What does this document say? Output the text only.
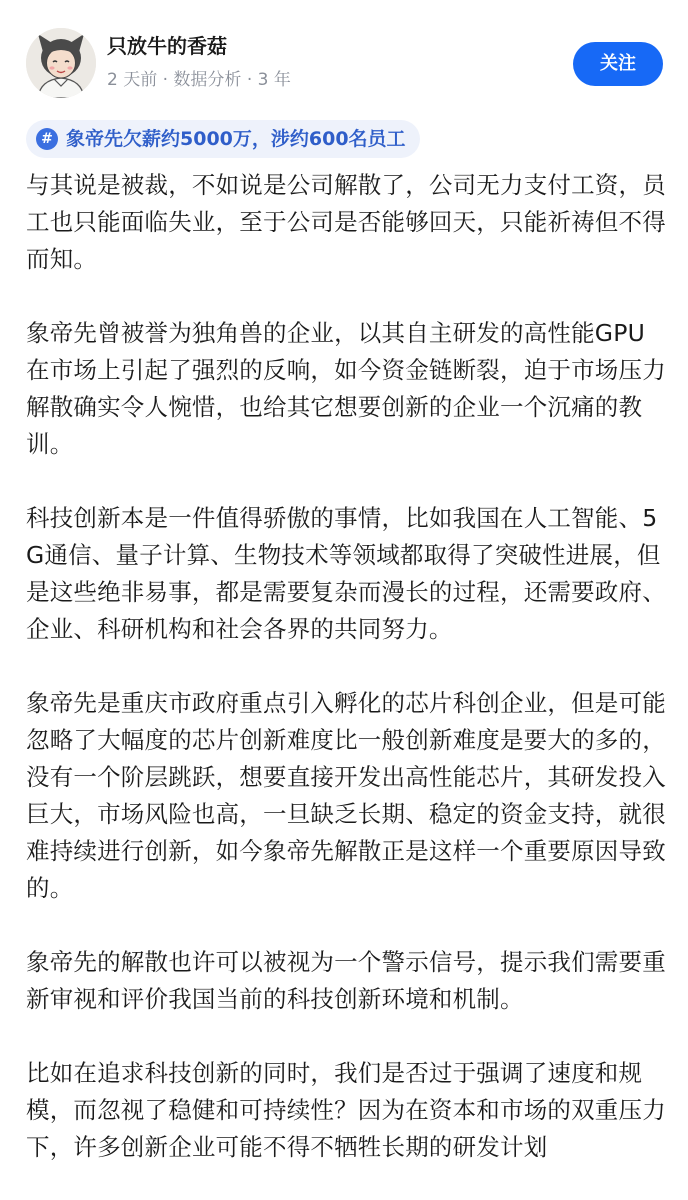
只放牛的香菇
2 天前 · 数据分析 · 3 年
关注
# 象帝先欠薪约5000万，涉约600名员工

与其说是被裁，不如说是公司解散了，公司无力支付工资，员工也只能面临失业，至于公司是否能够回天，只能祈祷但不得而知。

象帝先曾被誉为独角兽的企业，以其自主研发的高性能GPU在市场上引起了强烈的反响，如今资金链断裂，迫于市场压力解散确实令人惋惜，也给其它想要创新的企业一个沉痛的教训。

科技创新本是一件值得骄傲的事情，比如我国在人工智能、5G通信、量子计算、生物技术等领域都取得了突破性进展，但是这些绝非易事，都是需要复杂而漫长的过程，还需要政府、企业、科研机构和社会各界的共同努力。

象帝先是重庆市政府重点引入孵化的芯片科创企业，但是可能忽略了大幅度的芯片创新难度比一般创新难度是要大的多的，没有一个阶层跳跃，想要直接开发出高性能芯片，其研发投入巨大，市场风险也高，一旦缺乏长期、稳定的资金支持，就很难持续进行创新，如今象帝先解散正是这样一个重要原因导致的。

象帝先的解散也许可以被视为一个警示信号，提示我们需要重新审视和评价我国当前的科技创新环境和机制。

比如在追求科技创新的同时，我们是否过于强调了速度和规模，而忽视了稳健和可持续性？因为在资本和市场的双重压力下，许多创新企业可能不得不牺牲长期的研发计划
